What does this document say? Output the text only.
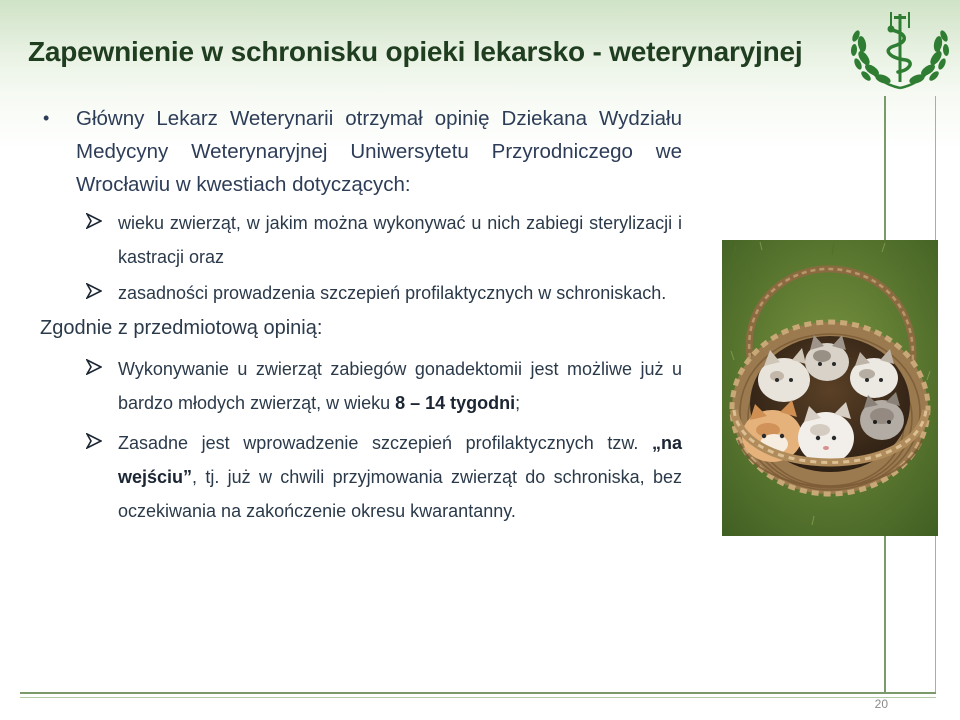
Zapewnienie w schronisku opieki lekarsko - weterynaryjnej
• Główny Lekarz Weterynarii otrzymał opinię Dziekana Wydziału Medycyny Weterynaryjnej Uniwersytetu Przyrodniczego we Wrocławiu w kwestiach dotyczących:
wieku zwierząt, w jakim można wykonywać u nich zabiegi sterylizacji i kastracji oraz
zasadności prowadzenia szczepień profilaktycznych w schroniskach.
Zgodnie z przedmiotową opinią:
Wykonywanie u zwierząt zabiegów gonadektomii jest możliwe już u bardzo młodych zwierząt, w wieku 8 – 14 tygodni;
Zasadne jest wprowadzenie szczepień profilaktycznych tzw. „na wejściu”, tj. już w chwili przyjmowania zwierząt do schroniska, bez oczekiwania na zakończenie okresu kwarantanny.
20
